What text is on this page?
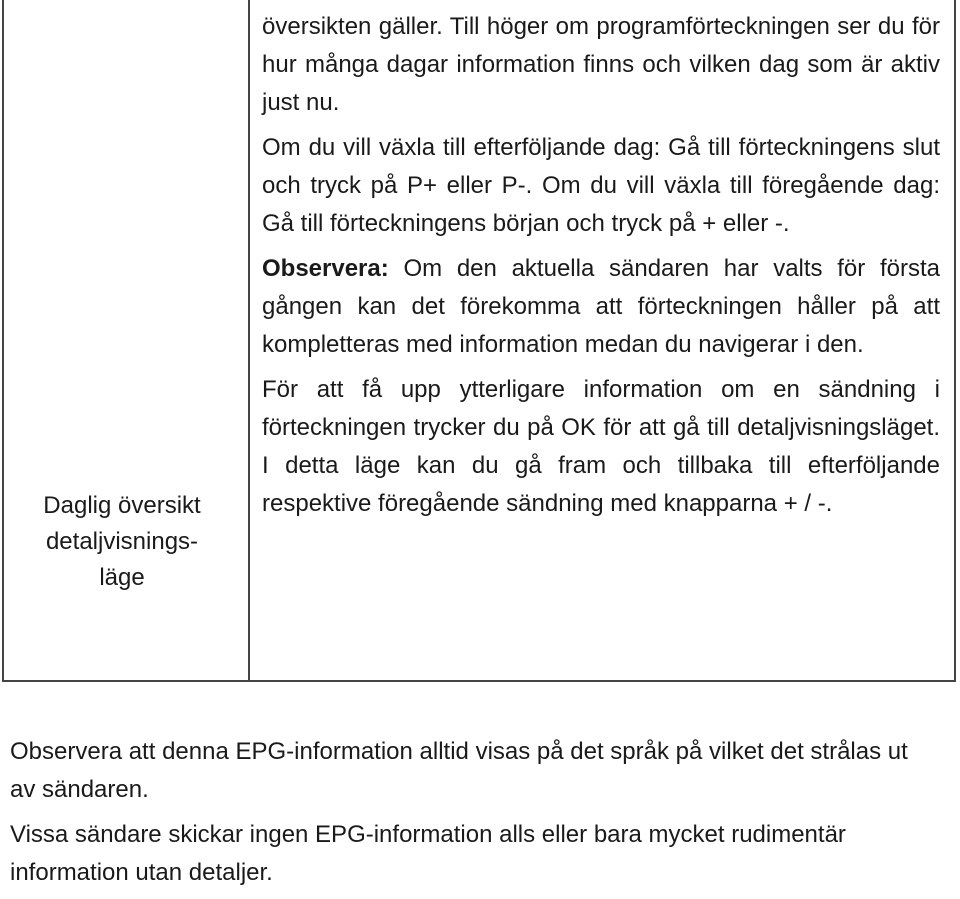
Daglig översikt
detaljvisnings-
läge

översikten gäller. Till höger om programförteckningen ser du för hur många dagar information finns och vilken dag som är aktiv just nu.

Om du vill växla till efterföljande dag: Gå till förteckningens slut och tryck på P+ eller P-. Om du vill växla till föregående dag: Gå till förteckningens början och tryck på + eller -.

Observera: Om den aktuella sändaren har valts för första gången kan det förekomma att förteckningen håller på att kompletteras med information medan du navigerar i den.

För att få upp ytterligare information om en sändning i förteckningen trycker du på OK för att gå till detaljvisningsläget. I detta läge kan du gå fram och tillbaka till efterföljande respektive föregående sändning med knapparna + / -.

Observera att denna EPG-information alltid visas på det språk på vilket det strålas ut av sändaren.

Vissa sändare skickar ingen EPG-information alls eller bara mycket rudimentär information utan detaljer.
